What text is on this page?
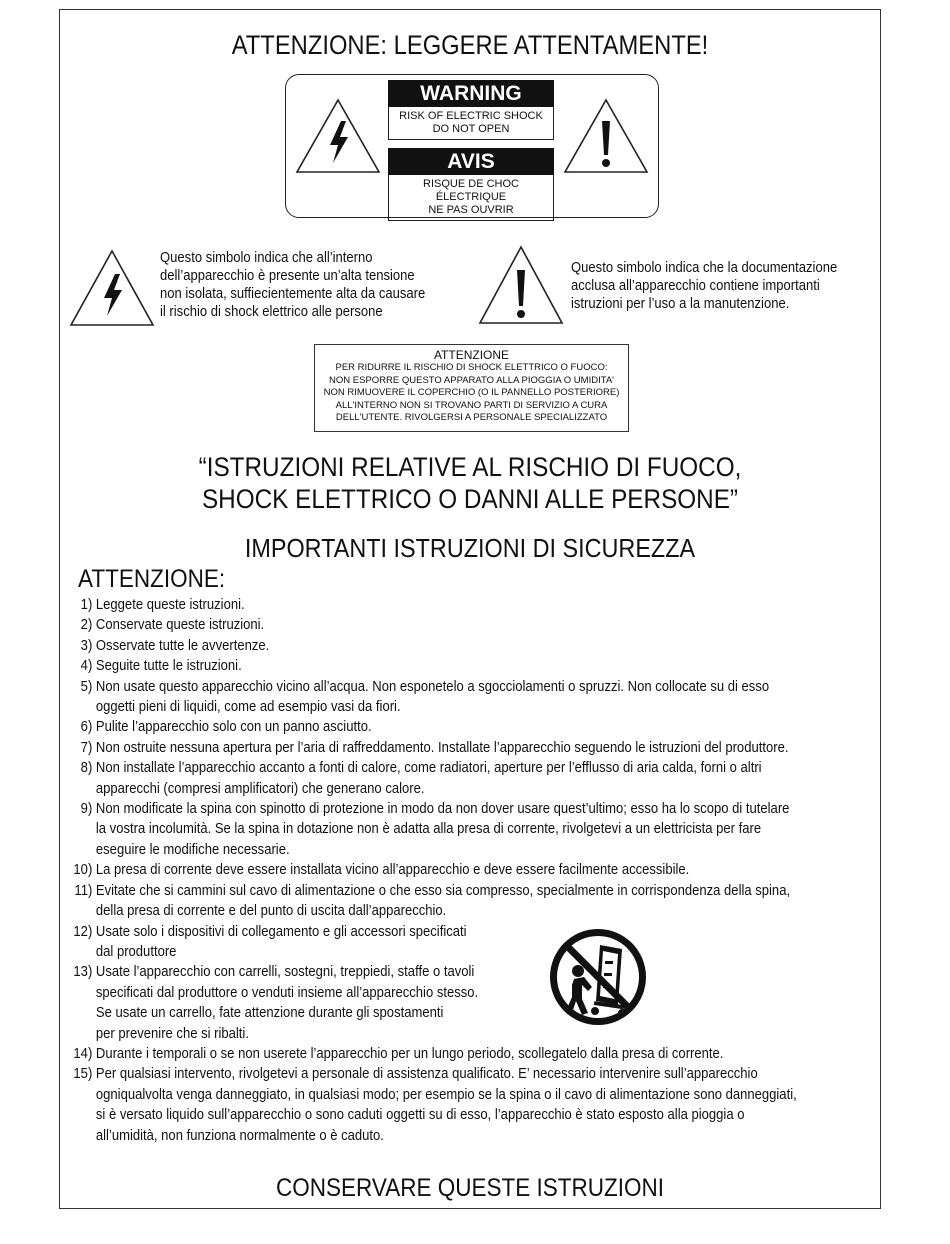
ATTENZIONE: LEGGERE ATTENTAMENTE!
WARNING
RISK OF ELECTRIC SHOCK
DO NOT OPEN
AVIS
RISQUE DE CHOC ÉLECTRIQUE
NE PAS OUVRIR
Questo simbolo indica che all’interno
dell’apparecchio è presente un’alta tensione
non isolata, suffiecientemente alta da causare
il rischio di shock elettrico alle persone
Questo simbolo indica che la documentazione
acclusa all’apparecchio contiene importanti
istruzioni per l’uso a la manutenzione.
ATTENZIONE
PER RIDURRE IL RISCHIO DI SHOCK ELETTRICO O FUOCO:
NON ESPORRE QUESTO APPARATO ALLA PIOGGIA O UMIDITA'
NON RIMUOVERE IL COPERCHIO (O IL PANNELLO POSTERIORE)
ALL'INTERNO NON SI TROVANO PARTI DI SERVIZIO A CURA
DELL'UTENTE. RIVOLGERSI A PERSONALE SPECIALIZZATO
“ISTRUZIONI RELATIVE AL RISCHIO DI FUOCO,
SHOCK ELETTRICO O DANNI ALLE PERSONE”
IMPORTANTI ISTRUZIONI DI SICUREZZA
ATTENZIONE:
1) Leggete queste istruzioni.
2) Conservate queste istruzioni.
3) Osservate tutte le avvertenze.
4) Seguite tutte le istruzioni.
5) Non usate questo apparecchio vicino all’acqua. Non esponetelo a sgocciolamenti o spruzzi. Non collocate su di esso
oggetti pieni di liquidi, come ad esempio vasi da fiori.
6) Pulite l’apparecchio solo con un panno asciutto.
7) Non ostruite nessuna apertura per l’aria di raffreddamento. Installate l’apparecchio seguendo le istruzioni del produttore.
8) Non installate l’apparecchio accanto a fonti di calore, come radiatori, aperture per l’efflusso di aria calda, forni o altri
apparecchi (compresi amplificatori) che generano calore.
9) Non modificate la spina con spinotto di protezione in modo da non dover usare quest’ultimo; esso ha lo scopo di tutelare
la vostra incolumità. Se la spina in dotazione non è adatta alla presa di corrente, rivolgetevi a un elettricista per fare
eseguire le modifiche necessarie.
10) La presa di corrente deve essere installata vicino all’apparecchio e deve essere facilmente accessibile.
11) Evitate che si cammini sul cavo di alimentazione o che esso sia compresso, specialmente in corrispondenza della spina,
della presa di corrente e del punto di uscita dall’apparecchio.
12) Usate solo i dispositivi di collegamento e gli accessori specificati
dal produttore
13) Usate l’apparecchio con carrelli, sostegni, treppiedi, staffe o tavoli
specificati dal produttore o venduti insieme all’apparecchio stesso.
Se usate un carrello, fate attenzione durante gli spostamenti
per prevenire che si ribalti.
14) Durante i temporali o se non userete l’apparecchio per un lungo periodo, scollegatelo dalla presa di corrente.
15) Per qualsiasi intervento, rivolgetevi a personale di assistenza qualificato. E’ necessario intervenire sull’apparecchio
ogniqualvolta venga danneggiato, in qualsiasi modo; per esempio se la spina o il cavo di alimentazione sono danneggiati,
si è versato liquido sull’apparecchio o sono caduti oggetti su di esso, l’apparecchio è stato esposto alla pioggia o
all’umidità, non funziona normalmente o è caduto.
CONSERVARE QUESTE ISTRUZIONI
